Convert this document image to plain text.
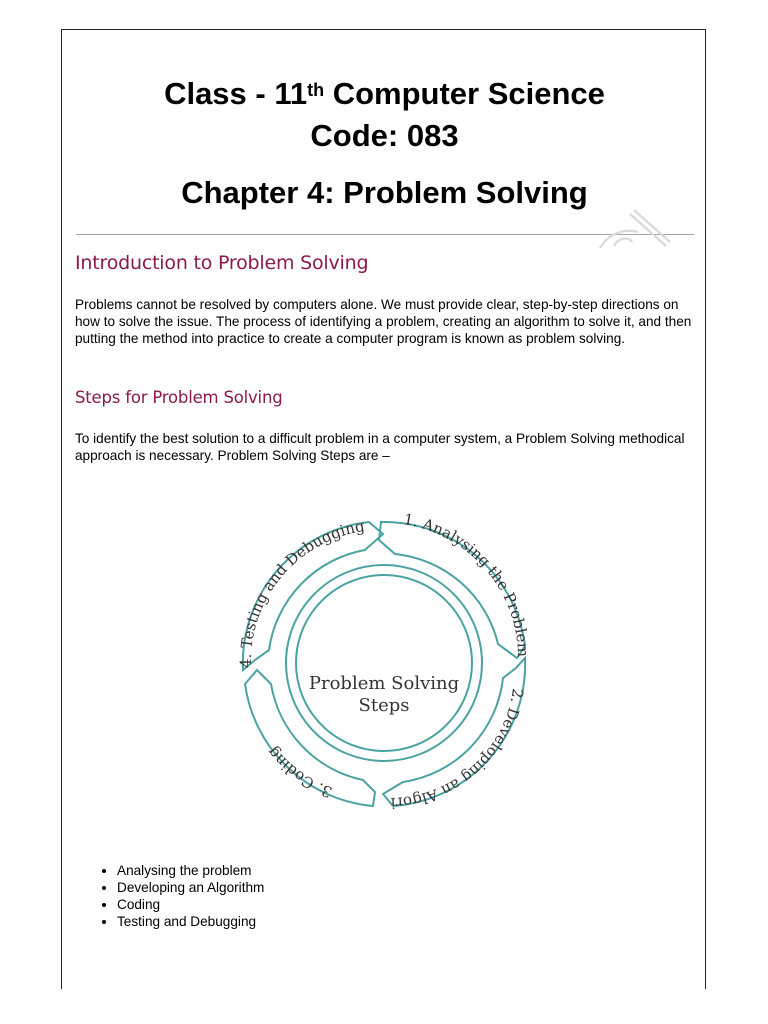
Class - 11th Computer Science
Code: 083
Chapter 4: Problem Solving
Introduction to Problem Solving

Problems cannot be resolved by computers alone. We must provide clear, step-by-step directions on how to solve the issue. The process of identifying a problem, creating an algorithm to solve it, and then putting the method into practice to create a computer program is known as problem solving.

Steps for Problem Solving

To identify the best solution to a difficult problem in a computer system, a Problem Solving methodical approach is necessary. Problem Solving Steps are –

1. Analysing the Problem
2. Developing an Algori
3. Coding
4. Testing and Debugging
Problem Solving
Steps
• Analysing the problem
• Developing an Algorithm
• Coding
• Testing and Debugging
